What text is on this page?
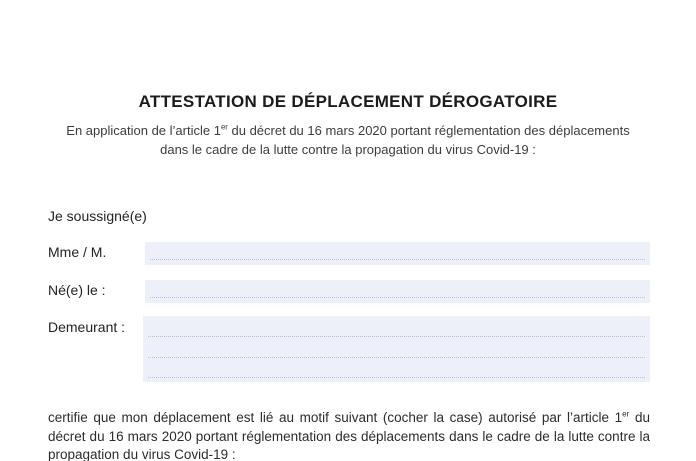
ATTESTATION DE DÉPLACEMENT DÉROGATOIRE
En application de l’article 1er du décret du 16 mars 2020 portant réglementation des déplacements dans le cadre de la lutte contre la propagation du virus Covid-19 :
Je soussigné(e)
Mme / M.
Né(e) le :
Demeurant :
certifie que mon déplacement est lié au motif suivant (cocher la case) autorisé par l’article 1er du décret du 16 mars 2020 portant réglementation des déplacements dans le cadre de la lutte contre la propagation du virus Covid-19 :
